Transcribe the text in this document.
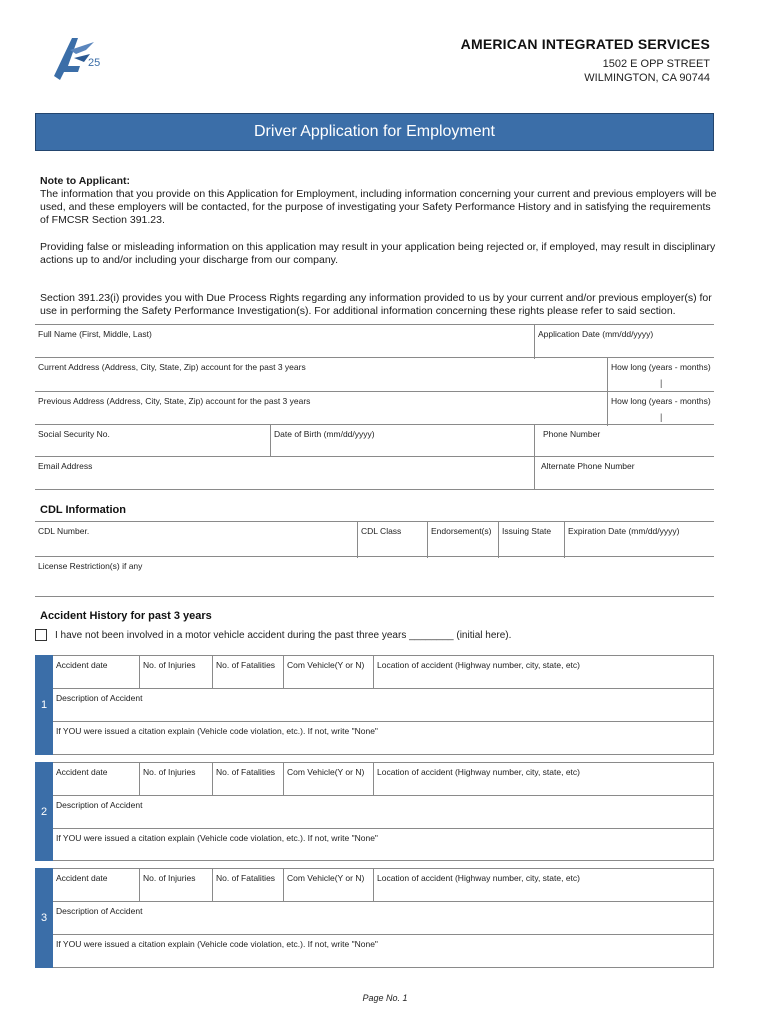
25
AMERICAN INTEGRATED SERVICES
1502 E OPP STREET
WILMINGTON, CA 90744
Driver Application for Employment
Note to Applicant:
The information that you provide on this Application for Employment, including information concerning your current and previous employers will be used, and these employers will be contacted, for the purpose of investigating your Safety Performance History and in satisfying the requirements of FMCSR Section 391.23.
Providing false or misleading information on this application may result in your application being rejected or, if employed, may result in disciplinary actions up to and/or including your discharge from our company.
Section 391.23(i) provides you with Due Process Rights regarding any information provided to us by your current and/or previous employer(s) for use in performing the Safety Performance Investigation(s). For additional information concerning these rights please refer to said section.
Full Name (First, Middle, Last)	Application Date (mm/dd/yyyy)
Current Address (Address, City, State, Zip) account for the past 3 years	How long (years - months)
|
Previous Address (Address, City, State, Zip) account for the past 3 years	How long (years - months)
|
Social Security No.	Date of Birth (mm/dd/yyyy)	Phone Number
Email Address	Alternate Phone Number
CDL Information
CDL Number.	CDL Class	Endorsement(s)	Issuing State	Expiration Date (mm/dd/yyyy)
License Restriction(s) if any
Accident History for past 3 years
I have not been involved in a motor vehicle accident during the past three years ________ (initial here).
1
Accident date	No. of Injuries	No. of Fatalities	Com Vehicle(Y or N)	Location of accident (Highway number, city, state, etc)
Description of Accident
If YOU were issued a citation explain (Vehicle code violation, etc.). If not, write "None"
2
Accident date	No. of Injuries	No. of Fatalities	Com Vehicle(Y or N)	Location of accident (Highway number, city, state, etc)
Description of Accident
If YOU were issued a citation explain (Vehicle code violation, etc.). If not, write "None"
3
Accident date	No. of Injuries	No. of Fatalities	Com Vehicle(Y or N)	Location of accident (Highway number, city, state, etc)
Description of Accident
If YOU were issued a citation explain (Vehicle code violation, etc.). If not, write "None"
Page No. 1
